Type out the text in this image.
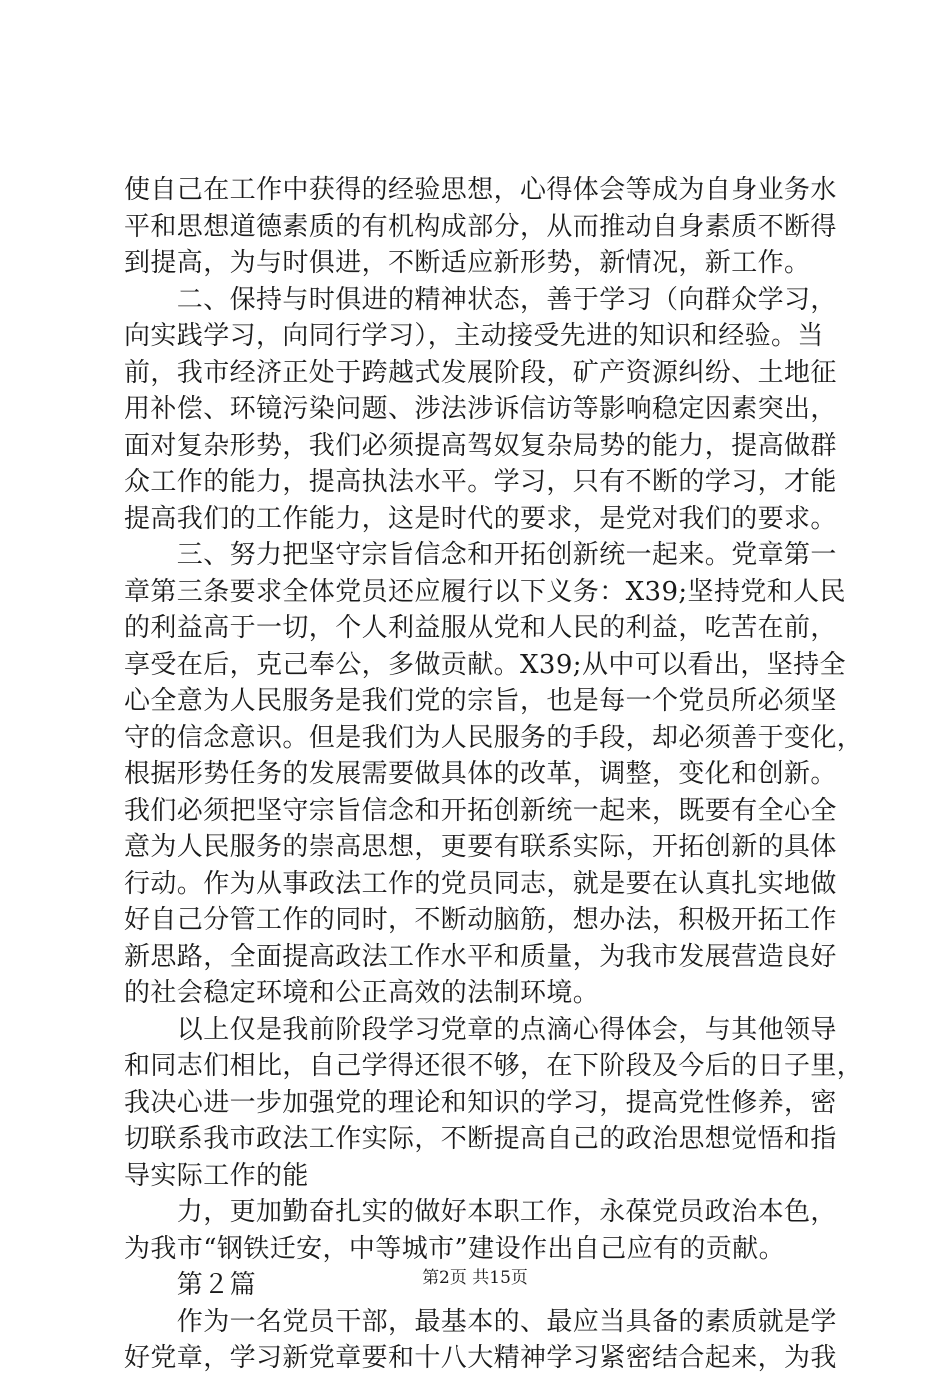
使自己在工作中获得的经验思想，心得体会等成为自身业务水
平和思想道德素质的有机构成部分，从而推动自身素质不断得
到提高，为与时俱进，不断适应新形势，新情况，新工作。
　　二、保持与时俱进的精神状态，善于学习（向群众学习，
向实践学习，向同行学习），主动接受先进的知识和经验。当
前，我市经济正处于跨越式发展阶段，矿产资源纠纷、土地征
用补偿、环镜污染问题、涉法涉诉信访等影响稳定因素突出，
面对复杂形势，我们必须提高驾奴复杂局势的能力，提高做群
众工作的能力，提高执法水平。学习，只有不断的学习，才能
提高我们的工作能力，这是时代的要求，是党对我们的要求。
　　三、努力把坚守宗旨信念和开拓创新统一起来。党章第一
章第三条要求全体党员还应履行以下义务：X39;坚持党和人民
的利益高于一切，个人利益服从党和人民的利益，吃苦在前，
享受在后，克己奉公，多做贡献。X39;从中可以看出，坚持全
心全意为人民服务是我们党的宗旨，也是每一个党员所必须坚
守的信念意识。但是我们为人民服务的手段，却必须善于变化，
根据形势任务的发展需要做具体的改革，调整，变化和创新。
我们必须把坚守宗旨信念和开拓创新统一起来，既要有全心全
意为人民服务的崇高思想，更要有联系实际，开拓创新的具体
行动。作为从事政法工作的党员同志，就是要在认真扎实地做
好自己分管工作的同时，不断动脑筋，想办法，积极开拓工作
新思路，全面提高政法工作水平和质量，为我市发展营造良好
的社会稳定环境和公正高效的法制环境。
　　以上仅是我前阶段学习党章的点滴心得体会，与其他领导
和同志们相比，自己学得还很不够，在下阶段及今后的日子里，
我决心进一步加强党的理论和知识的学习，提高党性修养，密
切联系我市政法工作实际，不断提高自己的政治思想觉悟和指
导实际工作的能
　　力，更加勤奋扎实的做好本职工作，永葆党员政治本色，
为我市“钢铁迁安，中等城市”建设作出自己应有的贡献。
　　第２篇
　　作为一名党员干部，最基本的、最应当具备的素质就是学
好党章，学习新党章要和十八大精神学习紧密结合起来，为我
第2页 共15页
